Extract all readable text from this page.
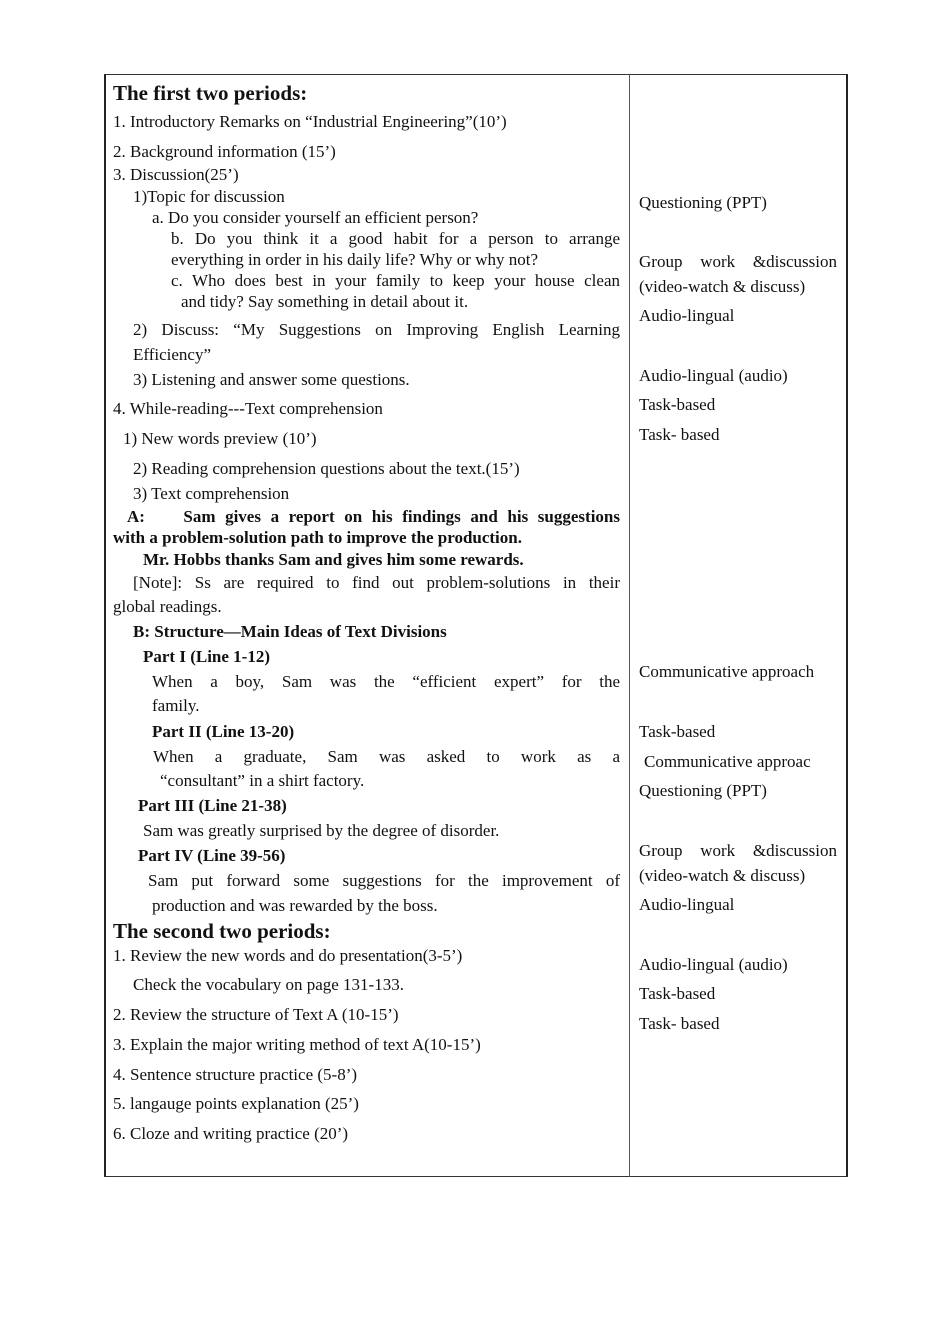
The first two periods:
1. Introductory Remarks on “Industrial Engineering”(10’)
2. Background information (15’)
3. Discussion(25’)
1)Topic for discussion
a. Do you consider yourself an efficient person?
b. Do you think it a good habit for a person to arrange
everything in order in his daily life? Why or why not?
c. Who does best in your family to keep your house clean
and tidy? Say something in detail about it.
2) Discuss: “My Suggestions on Improving English Learning
Efficiency”
3) Listening and answer some questions.
4. While-reading---Text comprehension
1) New words preview (10’)
2) Reading comprehension questions about the text.(15’)
3) Text comprehension
A:    Sam gives a report on his findings and his suggestions
with a problem-solution path to improve the production.
Mr. Hobbs thanks Sam and gives him some rewards.
[Note]: Ss are required to find out problem-solutions in their
global readings.
B: Structure—Main Ideas of Text Divisions
Part I (Line 1-12)
When a boy, Sam was the “efficient expert” for the
family.
Part II (Line 13-20)
When a graduate, Sam was asked to work as a
“consultant” in a shirt factory.
Part III (Line 21-38)
Sam was greatly surprised by the degree of disorder.
Part IV (Line 39-56)
Sam put forward some suggestions for the improvement of
production and was rewarded by the boss.
The second two periods:
1. Review the new words and do presentation(3-5’)
Check the vocabulary on page 131-133.
2. Review the structure of Text A (10-15’)
3. Explain the major writing method of text A(10-15’)
4. Sentence structure practice (5-8’)
5. langauge points explanation (25’)
6. Cloze and writing practice (20’)
Questioning (PPT)
Group work &discussion
(video-watch & discuss)
Audio-lingual
Audio-lingual (audio)
Task-based
Task- based
Communicative approach
Task-based
Communicative approac
Questioning (PPT)
Group work &discussion
(video-watch & discuss)
Audio-lingual
Audio-lingual (audio)
Task-based
Task- based
